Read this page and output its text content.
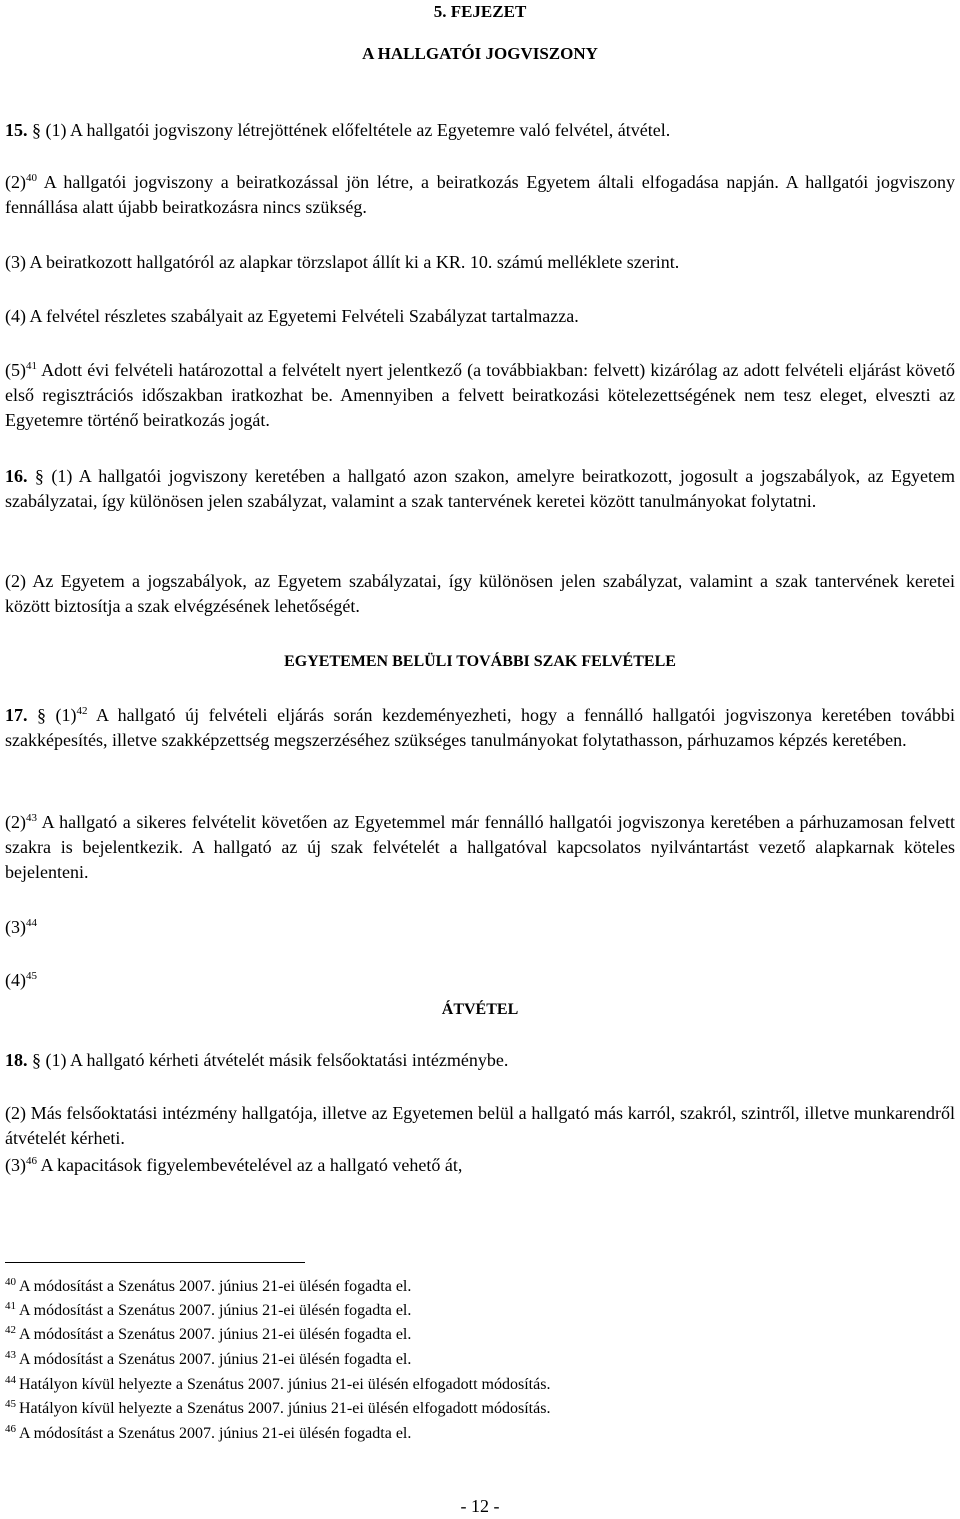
5. FEJEZET
A HALLGATÓI JOGVISZONY

15. § (1) A hallgatói jogviszony létrejöttének előfeltétele az Egyetemre való felvétel, átvétel.

$(2)^{40}$ A hallgatói jogviszony a beiratkozással jön létre, a beiratkozás Egyetem általi elfogadása napján. A hallgatói jogviszony fennállása alatt újabb beiratkozásra nincs szükség.

(3) A beiratkozott hallgatóról az alapkar törzslapot állít ki a KR. 10. számú melléklete szerint.

(4) A felvétel részletes szabályait az Egyetemi Felvételi Szabályzat tartalmazza.

$(5)^{41}$ Adott évi felvételi határozottal a felvételt nyert jelentkező (a továbbiakban: felvett) kizárólag az adott felvételi eljárást követő első regisztrációs időszakban iratkozhat be. Amennyiben a felvett beiratkozási kötelezettségének nem tesz eleget, elveszti az Egyetemre történő beiratkozás jogát.

16. § (1) A hallgatói jogviszony keretében a hallgató azon szakon, amelyre beiratkozott, jogosult a jogszabályok, az Egyetem szabályzatai, így különösen jelen szabályzat, valamint a szak tantervének keretei között tanulmányokat folytatni.

(2) Az Egyetem a jogszabályok, az Egyetem szabályzatai, így különösen jelen szabályzat, valamint a szak tantervének keretei között biztosítja a szak elvégzésének lehetőségét.

EGYETEMEN BELÜLI TOVÁBBI SZAK FELVÉTELE

17. § $(1)^{42}$ A hallgató új felvételi eljárás során kezdeményezheti, hogy a fennálló hallgatói jogviszonya keretében további szakképesítés, illetve szakképzettség megszerzéséhez szükséges tanulmányokat folytathasson, párhuzamos képzés keretében.

$(2)^{43}$ A hallgató a sikeres felvételit követően az Egyetemmel már fennálló hallgatói jogviszonya keretében a párhuzamosan felvett szakra is bejelentkezik. A hallgató az új szak felvételét a hallgatóval kapcsolatos nyilvántartást vezető alapkarnak köteles bejelenteni.

$(3)^{44}$

$(4)^{45}$

ÁTVÉTEL

18. § (1) A hallgató kérheti átvételét másik felsőoktatási intézménybe.

(2) Más felsőoktatási intézmény hallgatója, illetve az Egyetemen belül a hallgató más karról, szakról, szintről, illetve munkarendről átvételét kérheti.

$(3)^{46}$ A kapacitások figyelembevételével az a hallgató vehető át,

$^{40}$ A módosítást a Szenátus 2007. június 21-ei ülésén fogadta el.
$^{41}$ A módosítást a Szenátus 2007. június 21-ei ülésén fogadta el.
$^{42}$ A módosítást a Szenátus 2007. június 21-ei ülésén fogadta el.
$^{43}$ A módosítást a Szenátus 2007. június 21-ei ülésén fogadta el.
$^{44}$ Hatályon kívül helyezte a Szenátus 2007. június 21-ei ülésén elfogadott módosítás.
$^{45}$ Hatályon kívül helyezte a Szenátus 2007. június 21-ei ülésén elfogadott módosítás.
$^{46}$ A módosítást a Szenátus 2007. június 21-ei ülésén fogadta el.
- 12 -
